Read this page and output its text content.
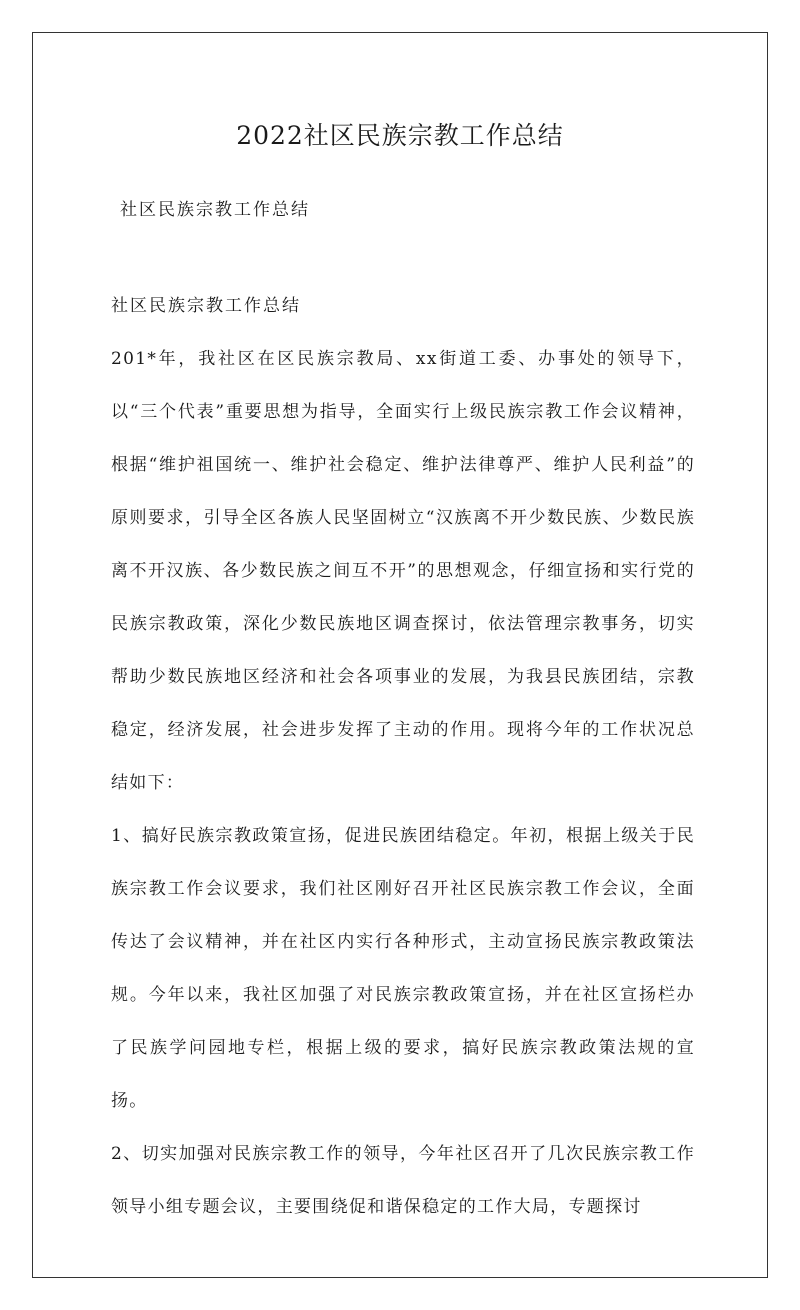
2022社区民族宗教工作总结
社区民族宗教工作总结

社区民族宗教工作总结

201*年，我社区在区民族宗教局、xx街道工委、办事处的领导下，以“三个代表”重要思想为指导，全面实行上级民族宗教工作会议精神，根据“维护祖国统一、维护社会稳定、维护法律尊严、维护人民利益”的原则要求，引导全区各族人民坚固树立“汉族离不开少数民族、少数民族离不开汉族、各少数民族之间互不开”的思想观念，仔细宣扬和实行党的民族宗教政策，深化少数民族地区调查探讨，依法管理宗教事务，切实帮助少数民族地区经济和社会各项事业的发展，为我县民族团结，宗教稳定，经济发展，社会进步发挥了主动的作用。现将今年的工作状况总结如下：

1、搞好民族宗教政策宣扬，促进民族团结稳定。年初，根据上级关于民族宗教工作会议要求，我们社区刚好召开社区民族宗教工作会议，全面传达了会议精神，并在社区内实行各种形式，主动宣扬民族宗教政策法规。今年以来，我社区加强了对民族宗教政策宣扬，并在社区宣扬栏办了民族学问园地专栏，根据上级的要求，搞好民族宗教政策法规的宣扬。

2、切实加强对民族宗教工作的领导，今年社区召开了几次民族宗教工作领导小组专题会议，主要围绕促和谐保稳定的工作大局，专题探讨
